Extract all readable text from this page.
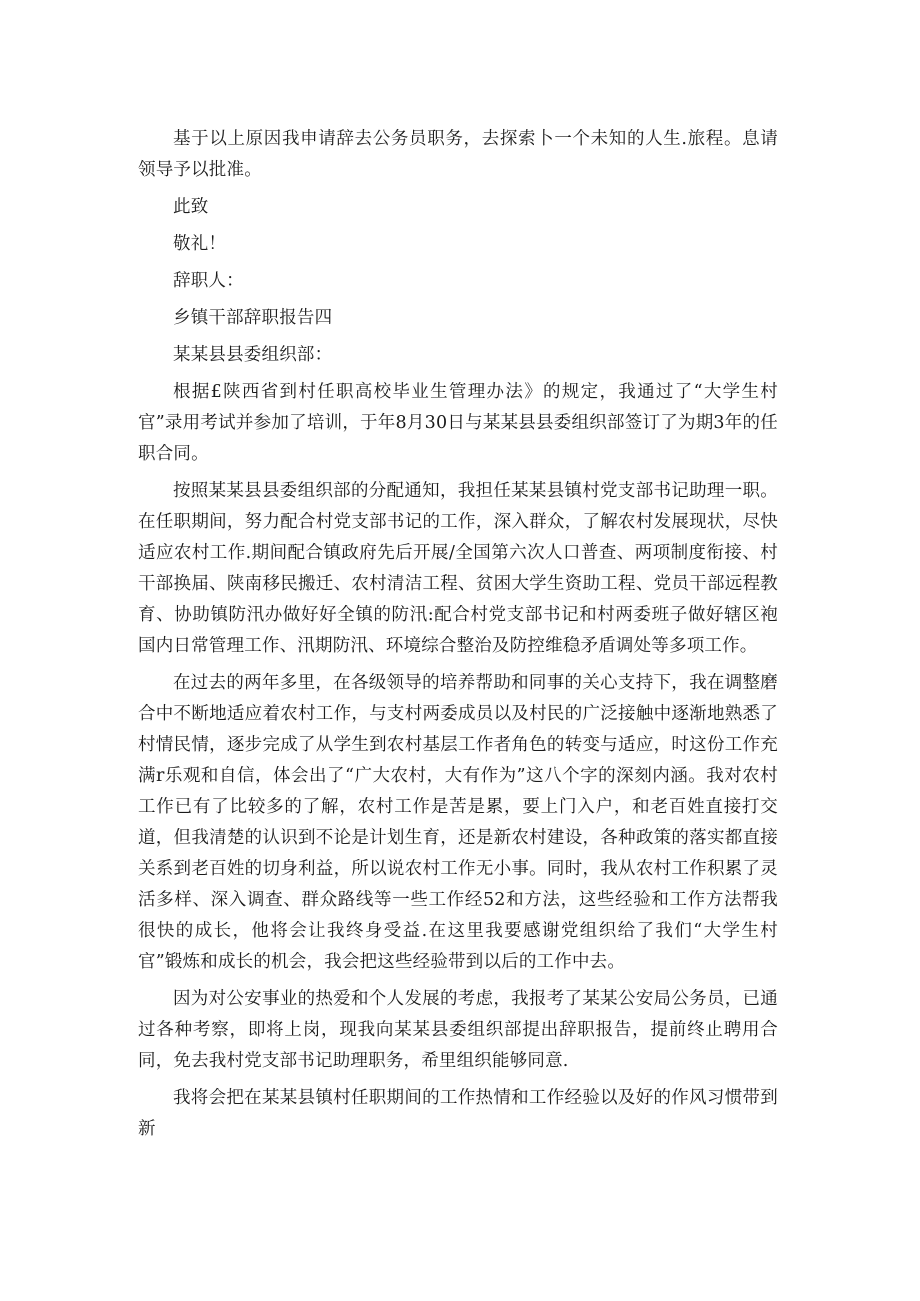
基于以上原因我申请辞去公务员职务，去探索卜一个未知的人生.旅程。息请领导予以批准。

此致

敬礼！

辞职人：

乡镇干部辞职报告四

某某县县委组织部：

根据£陕西省到村任职高校毕业生管理办法》的规定，我通过了“大学生村官”录用考试并参加了培训，于年8月30日与某某县县委组织部签订了为期3年的任职合同。

按照某某县县委组织部的分配通知，我担任某某县镇村党支部书记助理一职。在任职期间，努力配合村党支部书记的工作，深入群众，了解农村发展现状，尽快适应农村工作.期间配合镇政府先后开展/全国第六次人口普查、两项制度衔接、村干部换届、陕南移民搬迁、农村清洁工程、贫困大学生资助工程、党员干部远程教育、协助镇防汛办做好好全镇的防汛:配合村党支部书记和村两委班子做好辖区袍国内日常管理工作、汛期防汛、环境综合整治及防控维稳矛盾调处等多项工作。

在过去的两年多里，在各级领导的培养帮助和同事的关心支持下，我在调整磨合中不断地适应着农村工作，与支村两委成员以及村民的广泛接触中逐渐地熟悉了村情民情，逐步完成了从学生到农村基层工作者角色的转变与适应，时这份工作充满r乐观和自信，体会出了“广大农村，大有作为”这八个字的深刻内涵。我对农村工作已有了比较多的了解，农村工作是苦是累，要上门入户，和老百姓直接打交道，但我清楚的认识到不论是计划生育，还是新农村建设，各种政策的落实都直接关系到老百姓的切身利益，所以说农村工作无小事。同时，我从农村工作积累了灵活多样、深入调查、群众路线等一些工作经52和方法，这些经验和工作方法帮我很快的成长，他将会让我终身受益.在这里我要感谢党组织给了我们“大学生村官”锻炼和成长的机会，我会把这些经验带到以后的工作中去。

因为对公安事业的热爱和个人发展的考虑，我报考了某某公安局公务员，已通过各种考察，即将上岗，现我向某某县委组织部提出辞职报告，提前终止聘用合同，免去我村党支部书记助理职务，希里组织能够同意.

我将会把在某某县镇村任职期间的工作热情和工作经验以及好的作风习惯带到新
